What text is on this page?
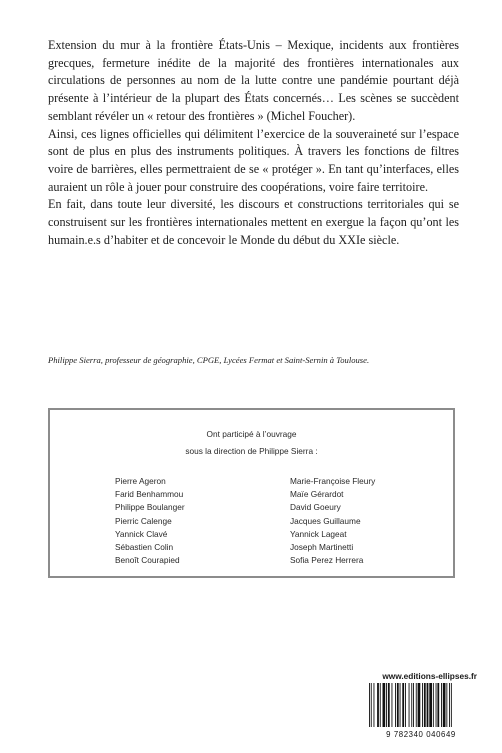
Extension du mur à la frontière États-Unis – Mexique, incidents aux frontières grecques, fermeture inédite de la majorité des frontières internationales aux circulations de personnes au nom de la lutte contre une pandémie pourtant déjà présente à l’intérieur de la plupart des États concernés… Les scènes se succèdent semblant révéler un « retour des frontières » (Michel Foucher).

Ainsi, ces lignes officielles qui délimitent l’exercice de la souveraineté sur l’espace sont de plus en plus des instruments politiques. À travers les fonctions de filtres voire de barrières, elles permettraient de se « protéger ». En tant qu’interfaces, elles auraient un rôle à jouer pour construire des coopérations, voire faire territoire.

En fait, dans toute leur diversité, les discours et constructions territoriales qui se construisent sur les frontières internationales mettent en exergue la façon qu’ont les humain.e.s d’habiter et de concevoir le Monde du début du XXIe siècle.

Philippe Sierra, professeur de géographie, CPGE, Lycées Fermat et Saint-Sernin à Toulouse.
Ont participé à l’ouvrage
sous la direction de Philippe Sierra :
Pierre Ageron
Farid Benhammou
Philippe Boulanger
Pierric Calenge
Yannick Clavé
Sébastien Colin
Benoît Courapied
Marie-Françoise Fleury
Maïe Gérardot
David Goeury
Jacques Guillaume
Yannick Lageat
Joseph Martinetti
Sofia Perez Herrera
www.editions-ellipses.fr
9 782340 040649
